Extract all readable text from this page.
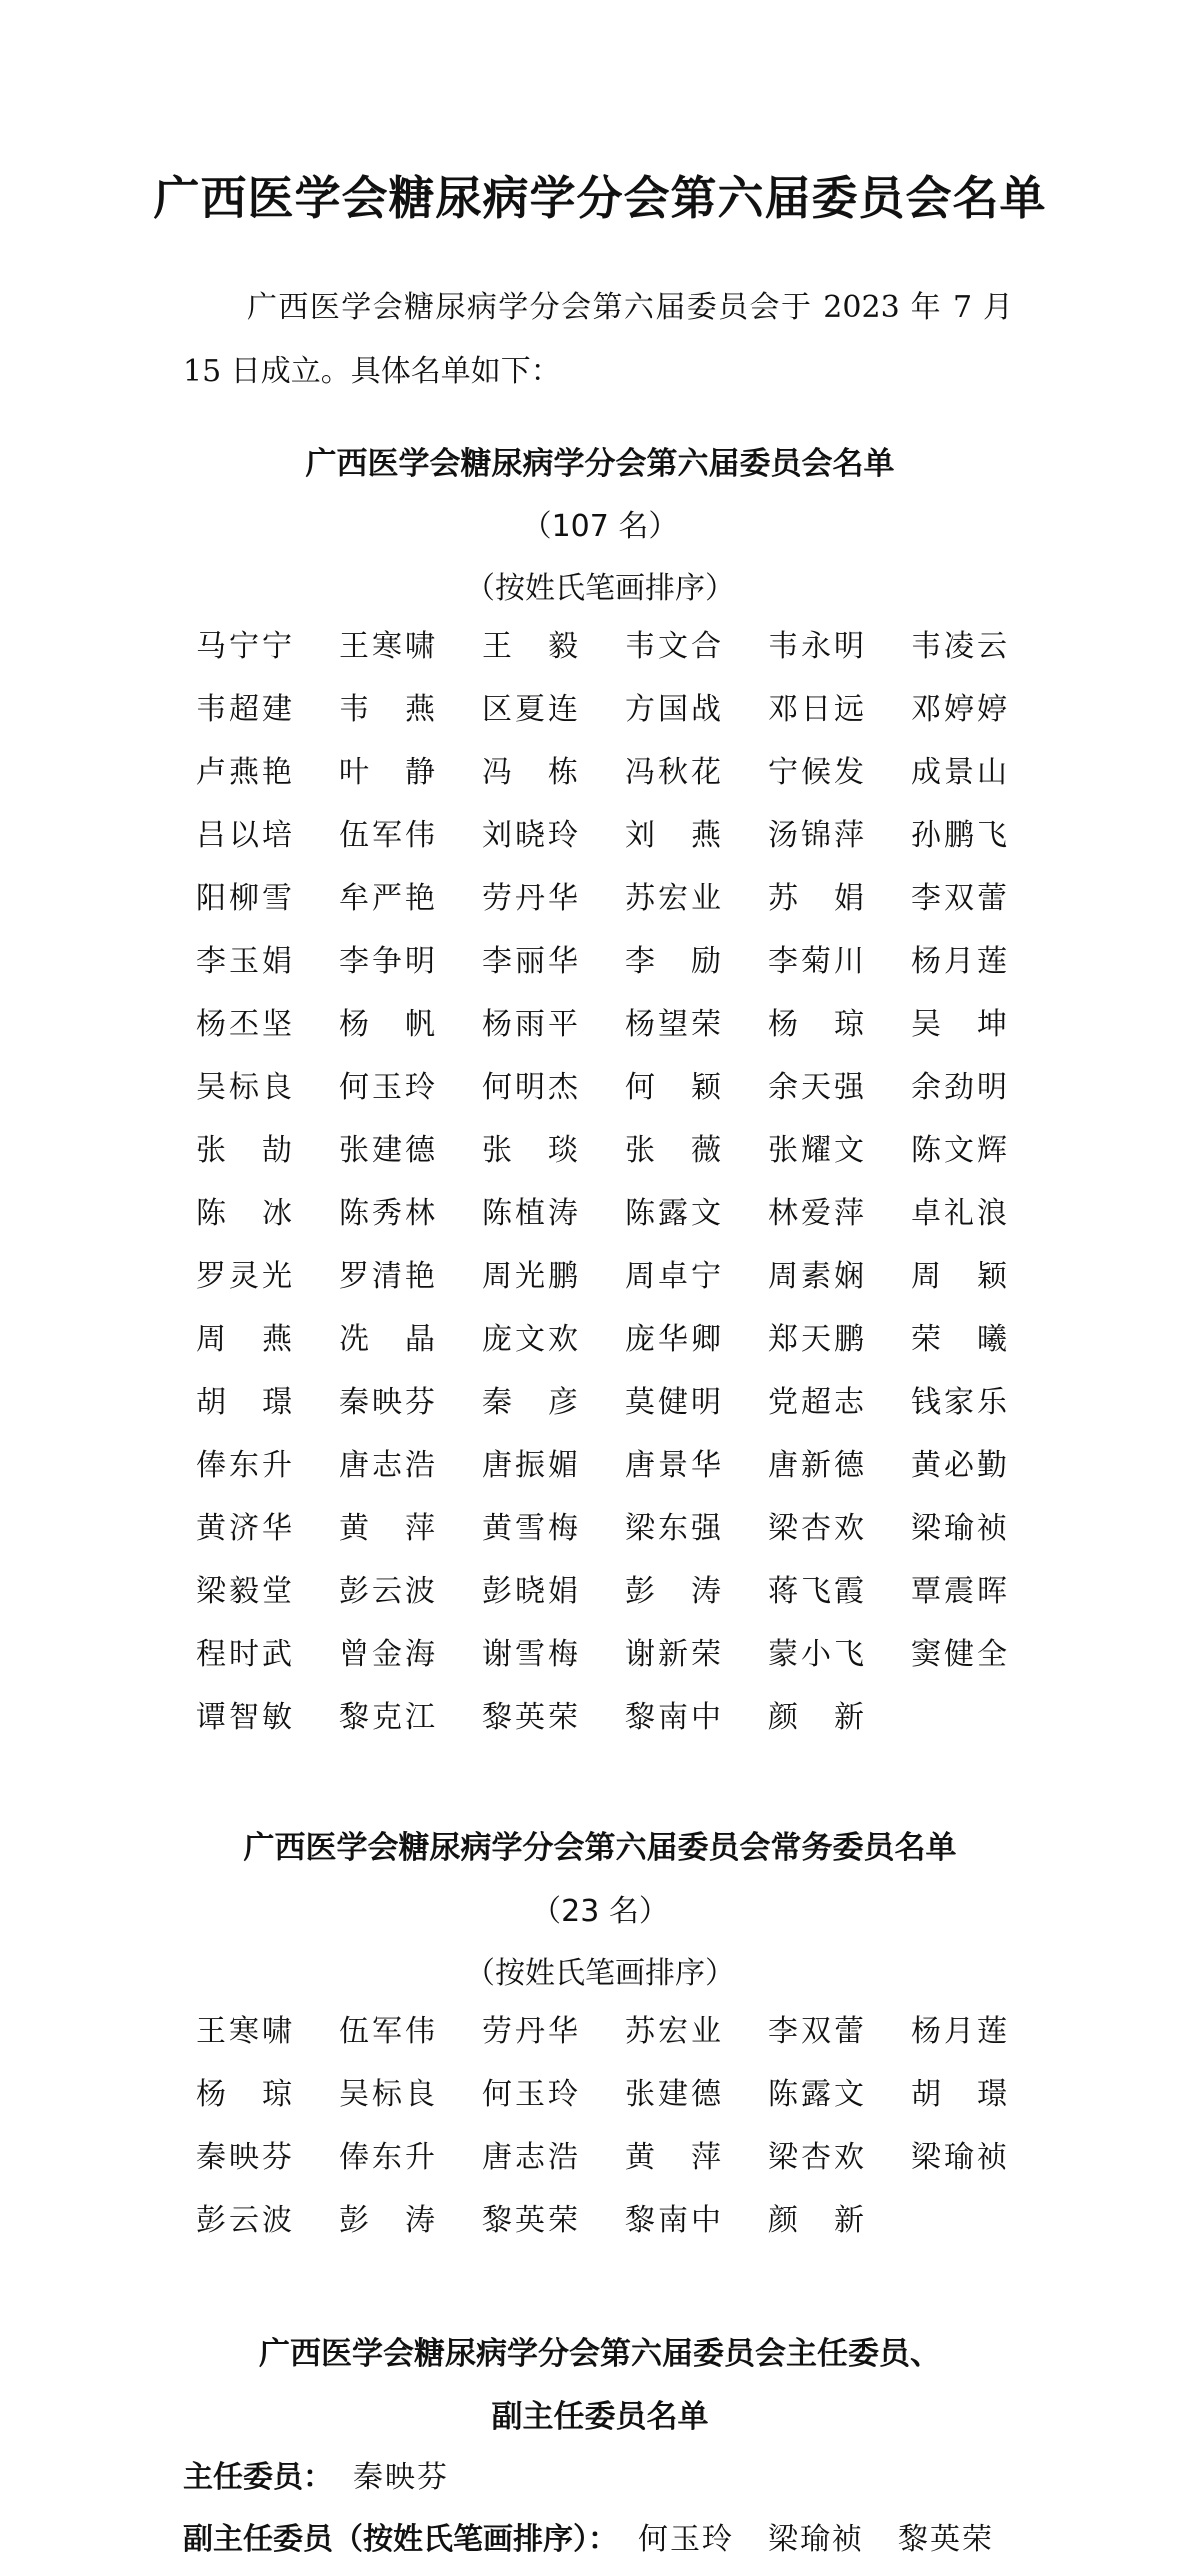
广西医学会糖尿病学分会第六届委员会名单

广西医学会糖尿病学分会第六届委员会于 2023 年 7 月 15 日成立。具体名单如下：

广西医学会糖尿病学分会第六届委员会名单

（107 名）

（按姓氏笔画排序）

马 宁 宁 王 寒 啸 王 毅 韦 文 合 韦 永 明 韦 凌 云
韦 超 建 韦 燕 区 夏 连 方 国 战 邓 日 远 邓 婷 婷
卢 燕 艳 叶 静 冯 栋 冯 秋 花 宁 候 发 成 景 山
吕 以 培 伍 军 伟 刘 晓 玲 刘 燕 汤 锦 萍 孙 鹏 飞
阳 柳 雪 牟 严 艳 劳 丹 华 苏 宏 业 苏 娟 李 双 蕾
李 玉 娟 李 争 明 李 丽 华 李 励 李 菊 川 杨 月 莲
杨 丕 坚 杨 帆 杨 雨 平 杨 望 荣 杨 琼 吴 坤
吴 标 良 何 玉 玲 何 明 杰 何 颖 余 天 强 余 劲 明
张 劼 张 建 德 张 琰 张 薇 张 耀 文 陈 文 辉
陈 冰 陈 秀 林 陈 植 涛 陈 露 文 林 爱 萍 卓 礼 浪
罗 灵 光 罗 清 艳 周 光 鹏 周 卓 宁 周 素 娴 周 颖
周 燕 冼 晶 庞 文 欢 庞 华 卿 郑 天 鹏 荣 曦
胡 璟 秦 映 芬 秦 彦 莫 健 明 党 超 志 钱 家 乐
俸 东 升 唐 志 浩 唐 振 媚 唐 景 华 唐 新 德 黄 必 勤
黄 济 华 黄 萍 黄 雪 梅 梁 东 强 梁 杏 欢 梁 瑜 祯
梁 毅 堂 彭 云 波 彭 晓 娟 彭 涛 蒋 飞 霞 覃 震 晖
程 时 武 曾 金 海 谢 雪 梅 谢 新 荣 蒙 小 飞 窦 健 全
谭 智 敏 黎 克 江 黎 英 荣 黎 南 中 颜 新
广西医学会糖尿病学分会第六届委员会常务委员名单

（23 名）

（按姓氏笔画排序）

王 寒 啸 伍 军 伟 劳 丹 华 苏 宏 业 李 双 蕾 杨 月 莲
杨 琼 吴 标 良 何 玉 玲 张 建 德 陈 露 文 胡 璟
秦 映 芬 俸 东 升 唐 志 浩 黄 萍 梁 杏 欢 梁 瑜 祯
彭 云 波 彭 涛 黎 英 荣 黎 南 中 颜 新
广西医学会糖尿病学分会第六届委员会主任委员、
副主任委员名单

主任委员： 秦映芬

副主任委员（按姓氏笔画排序）： 何玉玲 梁瑜祯 黎英荣
